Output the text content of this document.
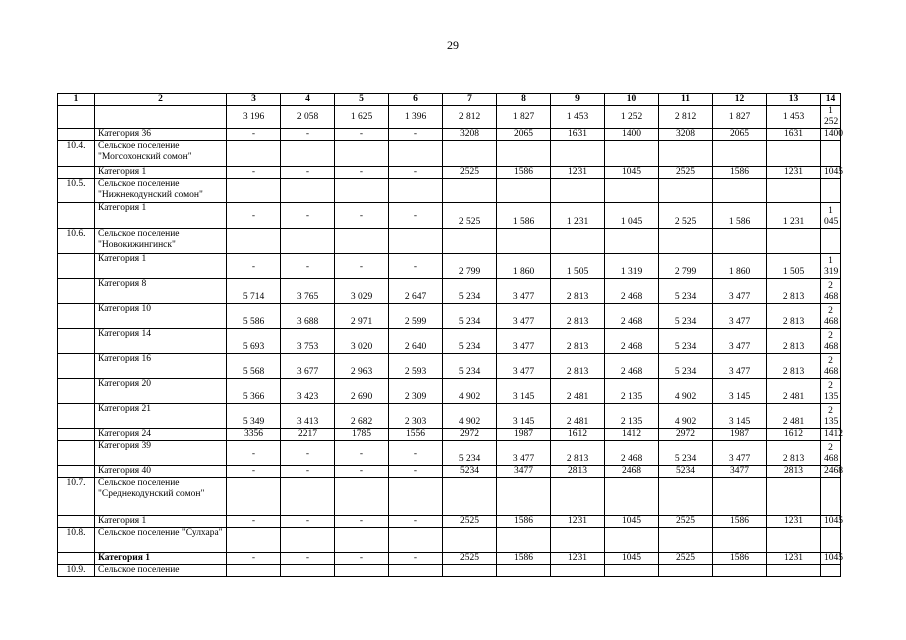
29
1	2	3	4	5	6	7	8	9	10	11	12	13	14
		3 196	2 058	1 625	1 396	2 812	1 827	1 453	1 252	2 812	1 827	1 453	1 252
	Категория 36	-	-	-	-	3208	2065	1631	1400	3208	2065	1631	1400
10.4.	Сельское поселение "Могсохонский сомон"												
	Категория 1	-	-	-	-	2525	1586	1231	1045	2525	1586	1231	1045
10.5.	Сельское поселение "Нижнекодунский сомон"												
	Категория 1	-	-	-	-	2 525	1 586	1 231	1 045	2 525	1 586	1 231	1 045
10.6.	Сельское поселение "Новокижингинск"												
	Категория 1	-	-	-	-	2 799	1 860	1 505	1 319	2 799	1 860	1 505	1 319
	Категория 8	5 714	3 765	3 029	2 647	5 234	3 477	2 813	2 468	5 234	3 477	2 813	2 468
	Категория 10	5 586	3 688	2 971	2 599	5 234	3 477	2 813	2 468	5 234	3 477	2 813	2 468
	Категория 14	5 693	3 753	3 020	2 640	5 234	3 477	2 813	2 468	5 234	3 477	2 813	2 468
	Категория 16	5 568	3 677	2 963	2 593	5 234	3 477	2 813	2 468	5 234	3 477	2 813	2 468
	Категория 20	5 366	3 423	2 690	2 309	4 902	3 145	2 481	2 135	4 902	3 145	2 481	2 135
	Категория 21	5 349	3 413	2 682	2 303	4 902	3 145	2 481	2 135	4 902	3 145	2 481	2 135
	Категория 24	3356	2217	1785	1556	2972	1987	1612	1412	2972	1987	1612	1412
	Категория 39	-	-	-	-	5 234	3 477	2 813	2 468	5 234	3 477	2 813	2 468
	Категория 40	-	-	-	-	5234	3477	2813	2468	5234	3477	2813	2468
10.7.	Сельское поселение "Среднекодунский сомон"												
	Категория 1	-	-	-	-	2525	1586	1231	1045	2525	1586	1231	1045
10.8.	Сельское поселение "Сулхара"												
	Категория 1	-	-	-	-	2525	1586	1231	1045	2525	1586	1231	1045
10.9.	Сельское поселение												
